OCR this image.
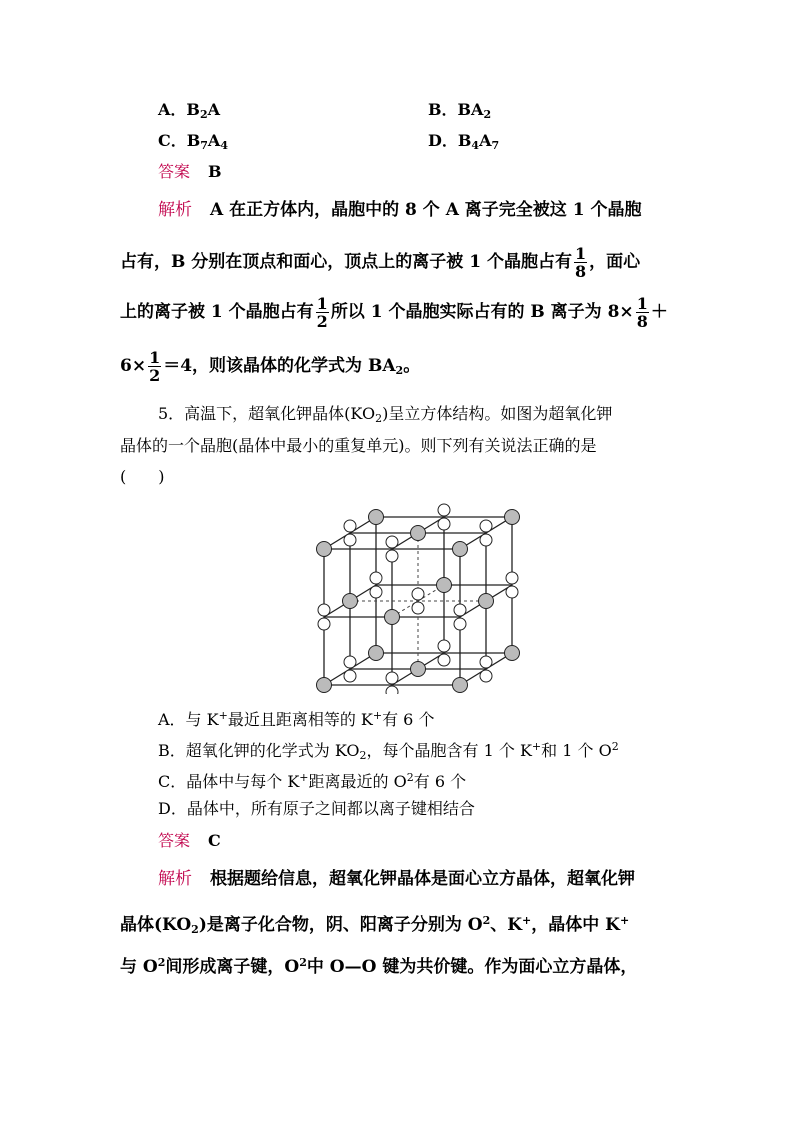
A．$B_2A$	B．$BA_2$
C．$B_7A_4$	D．$B_4A_7$
答案 B
解析 A 在正方体内，晶胞中的 8 个 A 离子完全被这 1 个晶胞
占有，B 分别在顶点和面心，顶点上的离子被 1 个晶胞占有 $\frac{1}{8}$ ，面心
上的离子被 1 个晶胞占有 $\frac{1}{2}$ 所以 1 个晶胞实际占有的 B 离子为 $8\times \frac{1}{8}$ ＋
$6\times \frac{1}{2} =4$，则该晶体的化学式为 $BA_2$。
5．高温下，超氧化钾晶体$(KO_2)$呈立方体结构。如图为超氧化钾
晶体的一个晶胞(晶体中最小的重复单元)。则下列有关说法正确的是
(　　)
A．与 K+最近且距离相等的 K+有 6 个
B．超氧化钾的化学式为 $KO_2$，每个晶胞含有 1 个 K+和 1 个 $O^2$
C．晶体中与每个 K+距离最近的 $O^2$有 6 个
D．晶体中，所有原子之间都以离子键相结合
答案 C
解析 根据题给信息，超氧化钾晶体是面心立方晶体，超氧化钾
晶体$(KO_2)$是离子化合物，阴、阳离子分别为 $O^2$、K+，晶体中 K+
与 $O^2$间形成离子键，$O^2$中 O—O 键为共价键。作为面心立方晶体，
